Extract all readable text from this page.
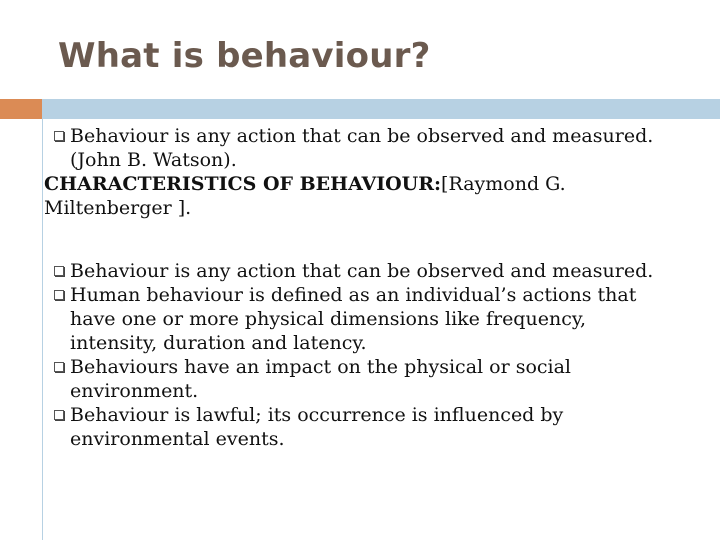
What is behaviour?

Behaviour is any action that can be observed and measured. (John B. Watson).

CHARACTERISTICS OF BEHAVIOUR:[Raymond G. Miltenberger ].

Behaviour is any action that can be observed and measured.

Human behaviour is defined as an individual’s actions that have one or more physical dimensions like frequency, intensity, duration and latency.

Behaviours have an impact on the physical or social environment.

Behaviour is lawful; its occurrence is influenced by environmental events.
